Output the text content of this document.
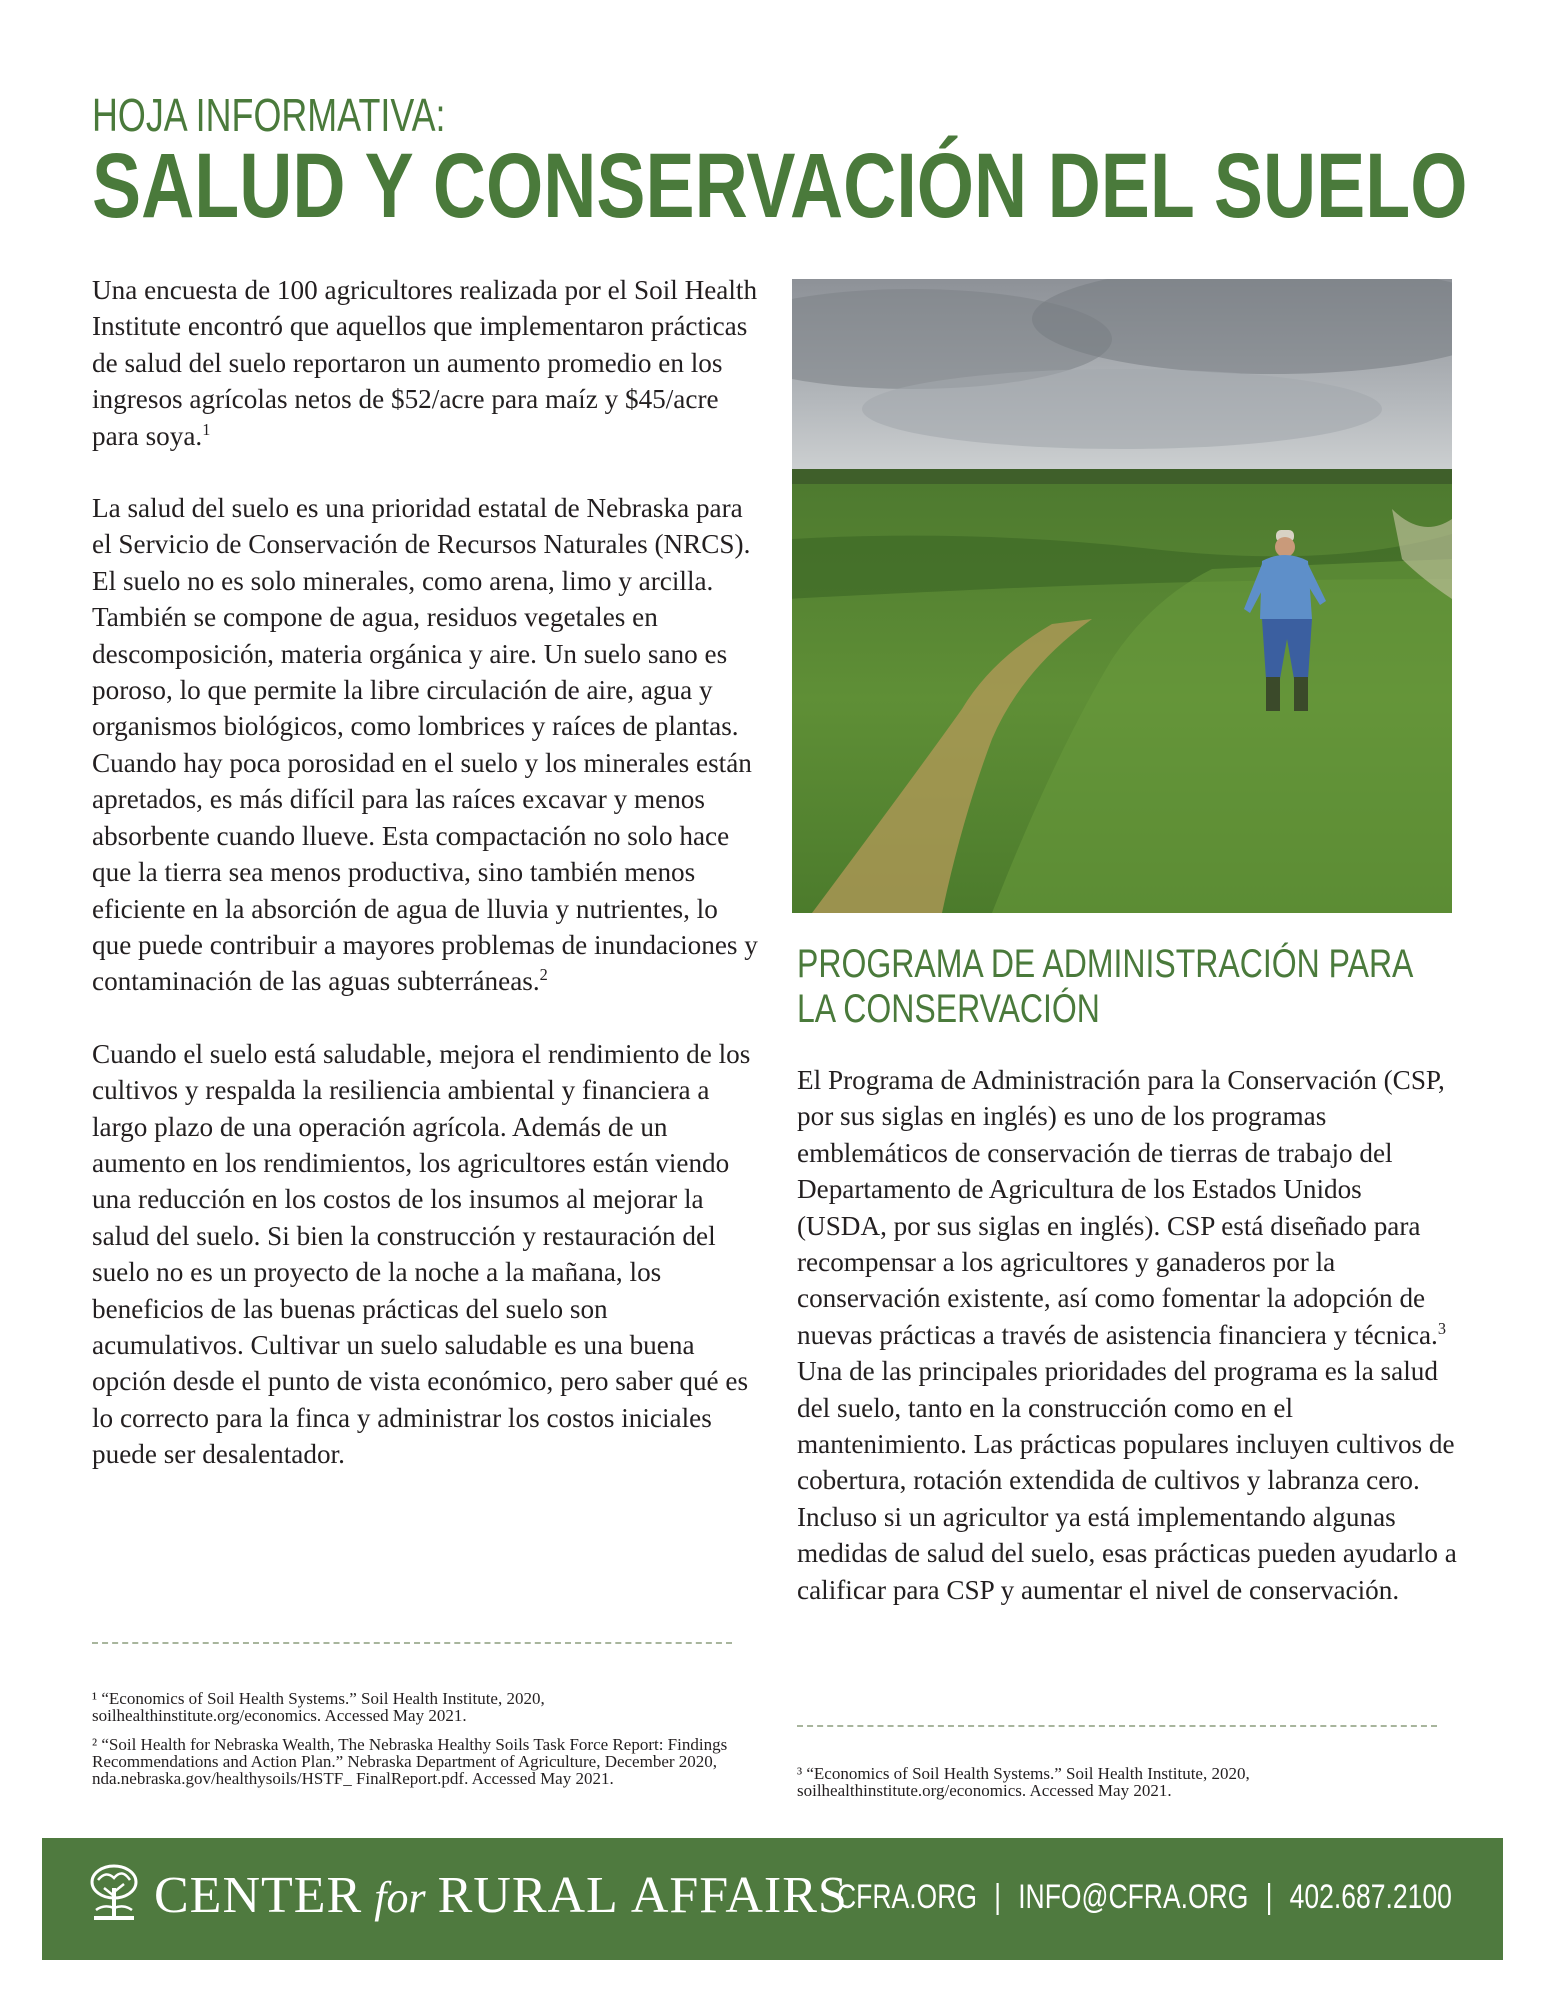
HOJA INFORMATIVA:
SALUD Y CONSERVACIÓN DEL SUELO

Una encuesta de 100 agricultores realizada por el Soil Health Institute encontró que aquellos que implementaron prácticas de salud del suelo reportaron un aumento promedio en los ingresos agrícolas netos de $52/acre para maíz y $45/acre para soya.$^1$

La salud del suelo es una prioridad estatal de Nebraska para el Servicio de Conservación de Recursos Naturales (NRCS). El suelo no es solo minerales, como arena, limo y arcilla. También se compone de agua, residuos vegetales en descomposición, materia orgánica y aire. Un suelo sano es poroso, lo que permite la libre circulación de aire, agua y organismos biológicos, como lombrices y raíces de plantas. Cuando hay poca porosidad en el suelo y los minerales están apretados, es más difícil para las raíces excavar y menos absorbente cuando llueve. Esta compactación no solo hace que la tierra sea menos productiva, sino también menos eficiente en la absorción de agua de lluvia y nutrientes, lo que puede contribuir a mayores problemas de inundaciones y contaminación de las aguas subterráneas.$^2$

Cuando el suelo está saludable, mejora el rendimiento de los cultivos y respalda la resiliencia ambiental y financiera a largo plazo de una operación agrícola. Además de un aumento en los rendimientos, los agricultores están viendo una reducción en los costos de los insumos al mejorar la salud del suelo. Si bien la construcción y restauración del suelo no es un proyecto de la noche a la mañana, los beneficios de las buenas prácticas del suelo son acumulativos. Cultivar un suelo saludable es una buena opción desde el punto de vista económico, pero saber qué es lo correcto para la finca y administrar los costos iniciales puede ser desalentador.

PROGRAMA DE ADMINISTRACIÓN PARA LA CONSERVACIÓN

El Programa de Administración para la Conservación (CSP, por sus siglas en inglés) es uno de los programas emblemáticos de conservación de tierras de trabajo del Departamento de Agricultura de los Estados Unidos (USDA, por sus siglas en inglés). CSP está diseñado para recompensar a los agricultores y ganaderos por la conservación existente, así como fomentar la adopción de nuevas prácticas a través de asistencia financiera y técnica.$^3$ Una de las principales prioridades del programa es la salud del suelo, tanto en la construcción como en el mantenimiento. Las prácticas populares incluyen cultivos de cobertura, rotación extendida de cultivos y labranza cero. Incluso si un agricultor ya está implementando algunas medidas de salud del suelo, esas prácticas pueden ayudarlo a calificar para CSP y aumentar el nivel de conservación.

¹ “Economics of Soil Health Systems.” Soil Health Institute, 2020, soilhealthinstitute.org/economics. Accessed May 2021.

² “Soil Health for Nebraska Wealth, The Nebraska Healthy Soils Task Force Report: Findings Recommendations and Action Plan.” Nebraska Department of Agriculture, December 2020, nda.nebraska.gov/healthysoils/HSTF_ FinalReport.pdf. Accessed May 2021.	³ “Economics of Soil Health Systems.” Soil Health Institute, 2020, soilhealthinstitute.org/economics. Accessed May 2021.

CENTER for RURAL AFFAIRS
CFRA.ORG | INFO@CFRA.ORG | 402.687.2100
